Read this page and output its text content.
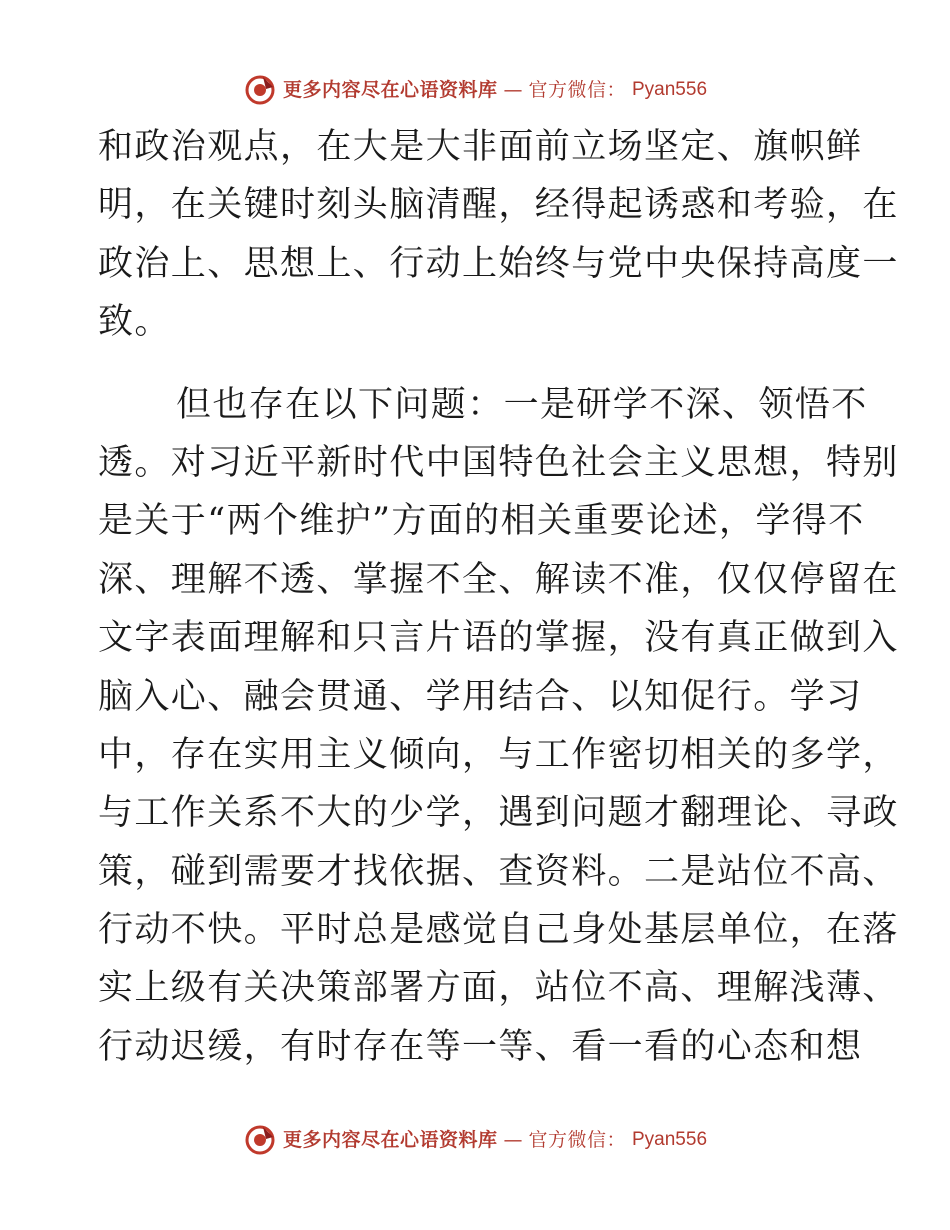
更多内容尽在心语资料库 — 官方微信： Pyan556
和政治观点，在大是大非面前立场坚定、旗帜鲜
明，在关键时刻头脑清醒，经得起诱惑和考验，在
政治上、思想上、行动上始终与党中央保持高度一
致。
但也存在以下问题：一是研学不深、领悟不
透。对习近平新时代中国特色社会主义思想，特别
是关于“两个维护”方面的相关重要论述，学得不
深、理解不透、掌握不全、解读不准，仅仅停留在
文字表面理解和只言片语的掌握，没有真正做到入
脑入心、融会贯通、学用结合、以知促行。学习
中，存在实用主义倾向，与工作密切相关的多学，
与工作关系不大的少学，遇到问题才翻理论、寻政
策，碰到需要才找依据、查资料。二是站位不高、
行动不快。平时总是感觉自己身处基层单位，在落
实上级有关决策部署方面，站位不高、理解浅薄、
行动迟缓，有时存在等一等、看一看的心态和想
更多内容尽在心语资料库 — 官方微信： Pyan556
